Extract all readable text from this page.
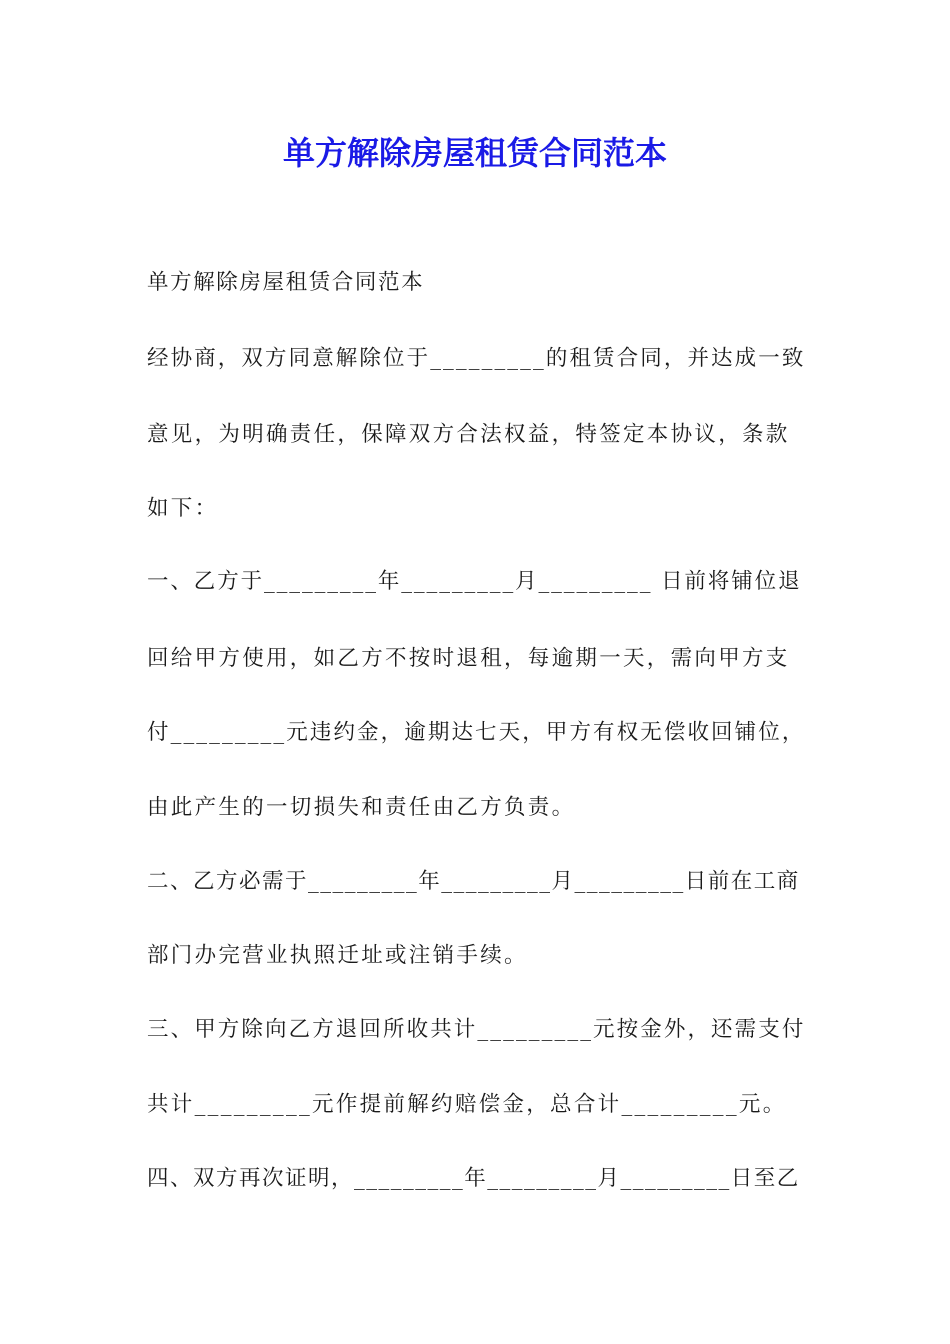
单方解除房屋租赁合同范本
单方解除房屋租赁合同范本
经协商，双方同意解除位于_________的租赁合同，并达成一致
意见，为明确责任，保障双方合法权益，特签定本协议，条款
如下：
一、乙方于_________年_________月_________ 日前将铺位退
回给甲方使用，如乙方不按时退租，每逾期一天，需向甲方支
付_________元违约金，逾期达七天，甲方有权无偿收回铺位，
由此产生的一切损失和责任由乙方负责。
二、乙方必需于_________年_________月_________日前在工商
部门办完营业执照迁址或注销手续。
三、甲方除向乙方退回所收共计_________元按金外，还需支付
共计_________元作提前解约赔偿金，总合计_________元。
四、双方再次证明，_________年_________月_________日至乙
